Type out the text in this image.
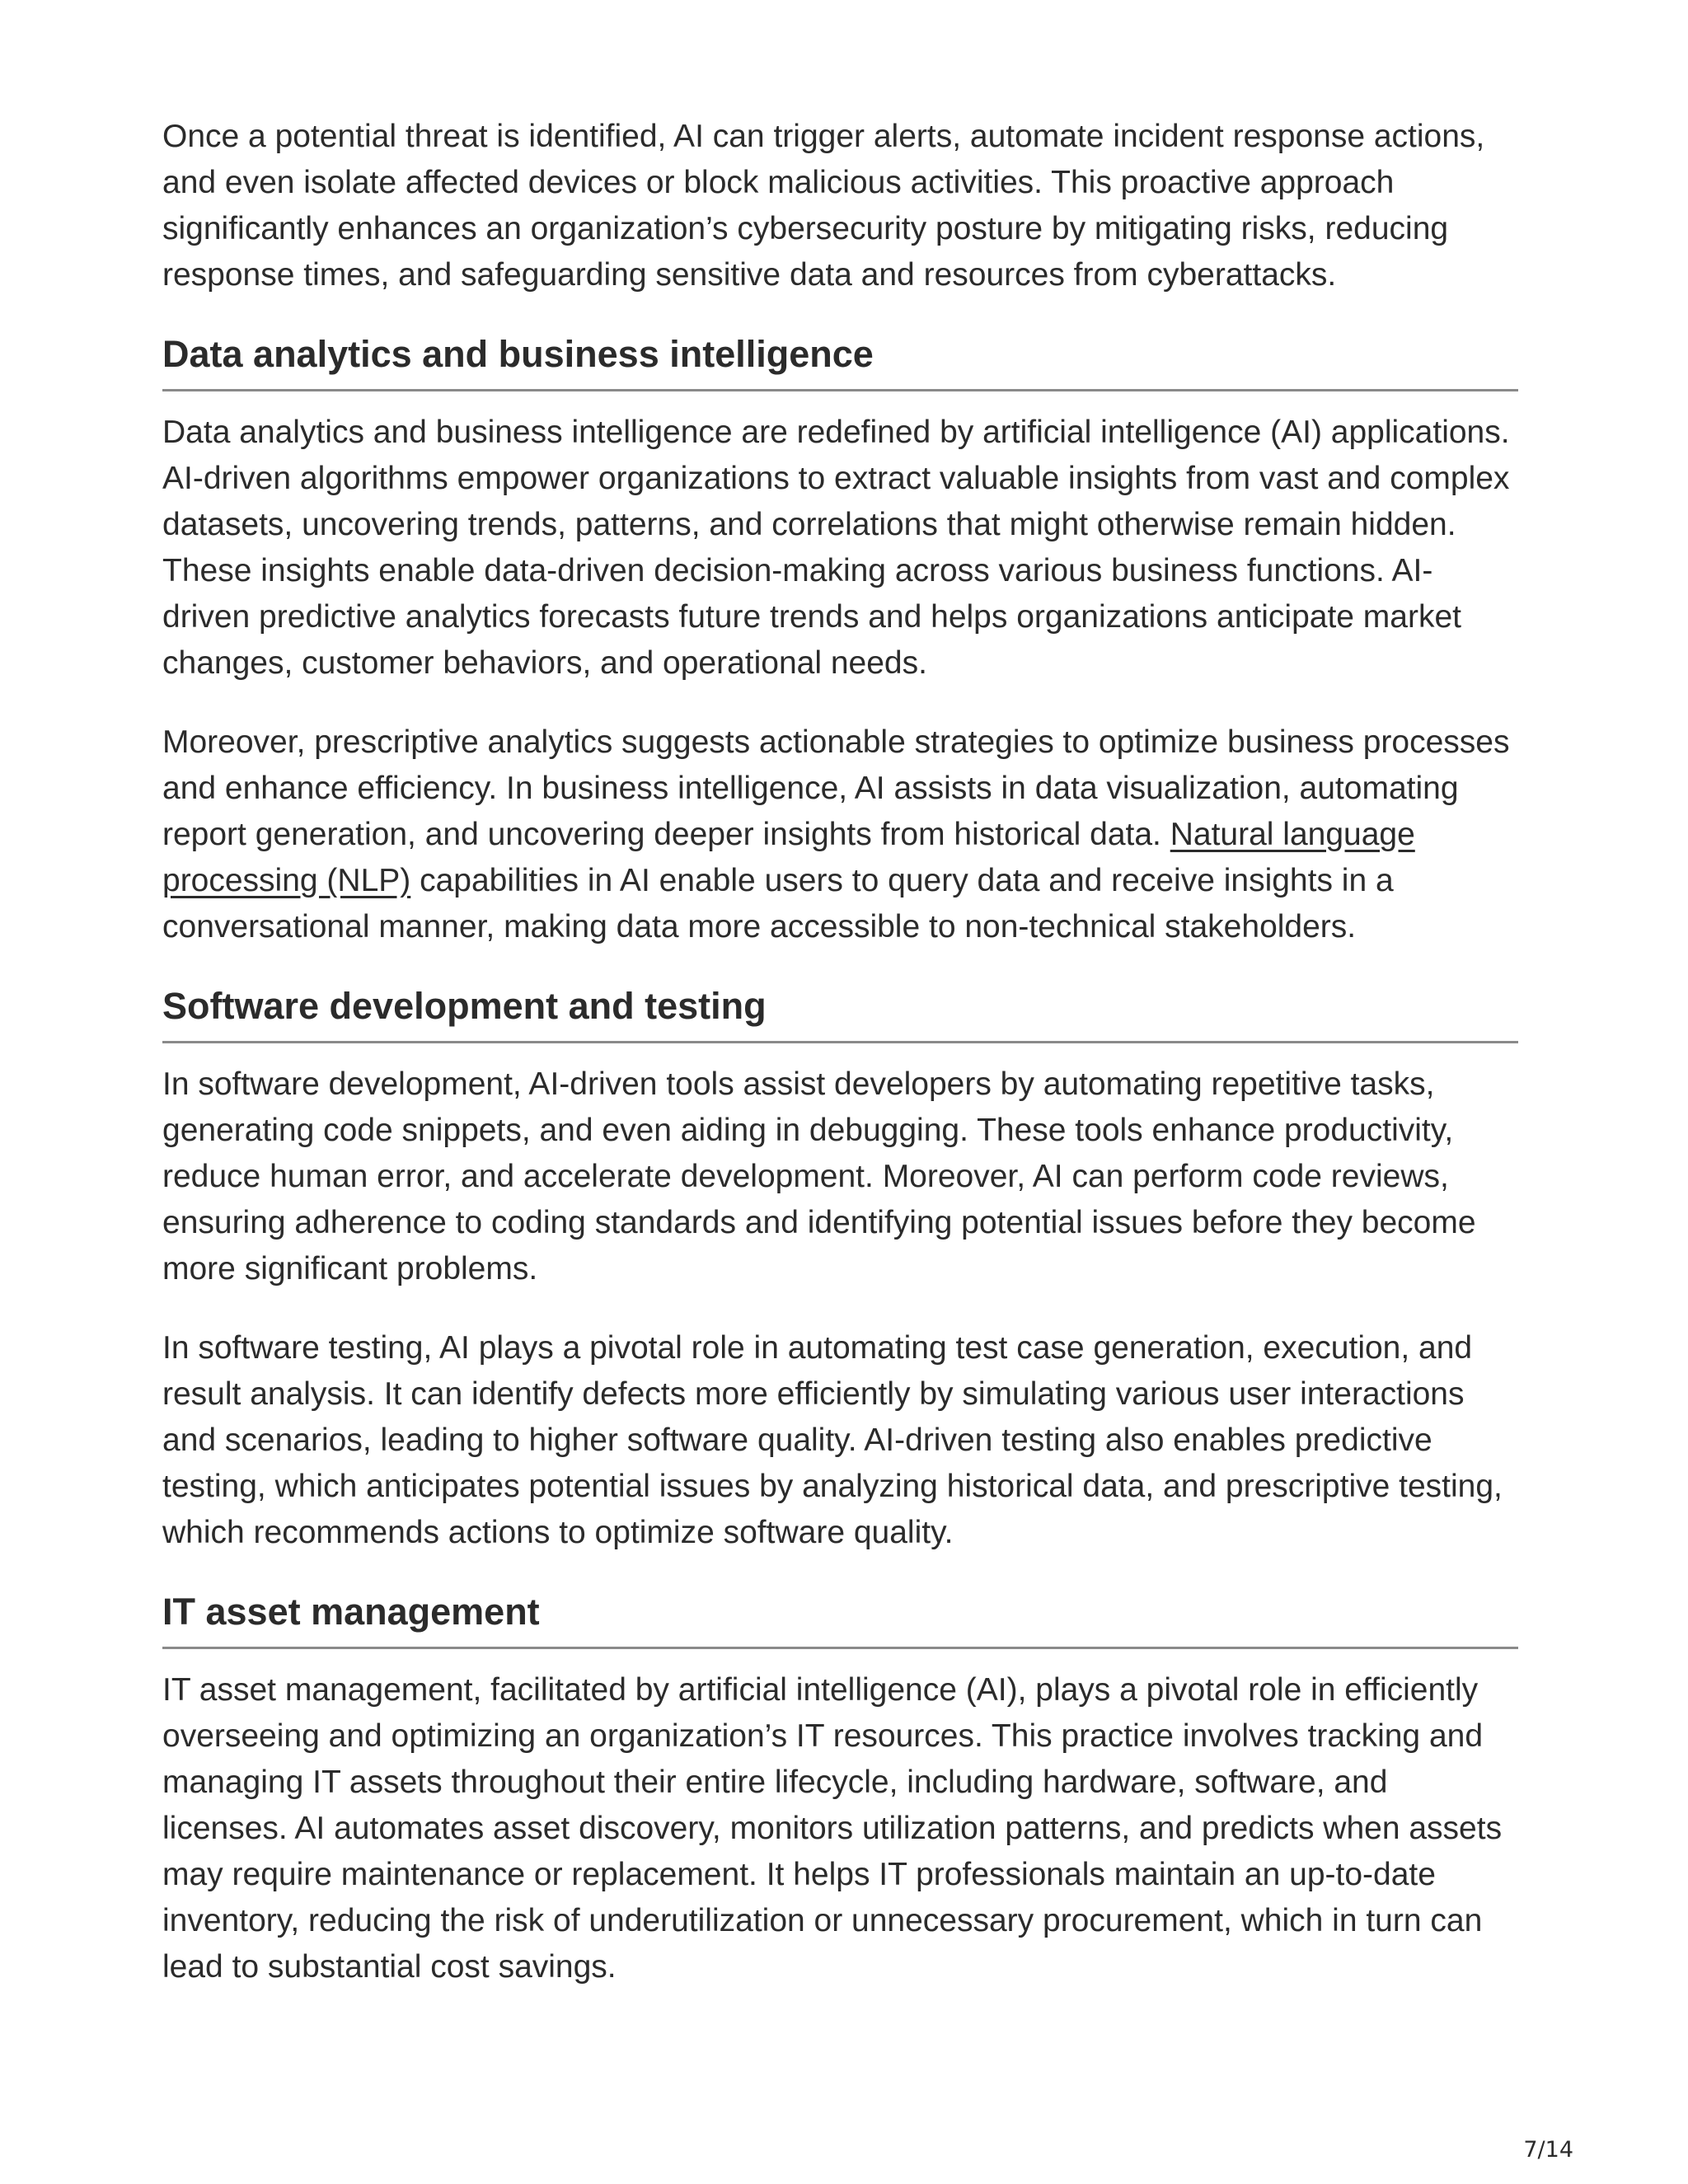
Once a potential threat is identified, AI can trigger alerts, automate incident response actions, and even isolate affected devices or block malicious activities. This proactive approach significantly enhances an organization’s cybersecurity posture by mitigating risks, reducing response times, and safeguarding sensitive data and resources from cyberattacks.

Data analytics and business intelligence

Data analytics and business intelligence are redefined by artificial intelligence (AI) applications. AI-driven algorithms empower organizations to extract valuable insights from vast and complex datasets, uncovering trends, patterns, and correlations that might otherwise remain hidden. These insights enable data-driven decision-making across various business functions. AI-driven predictive analytics forecasts future trends and helps organizations anticipate market changes, customer behaviors, and operational needs.

Moreover, prescriptive analytics suggests actionable strategies to optimize business processes and enhance efficiency. In business intelligence, AI assists in data visualization, automating report generation, and uncovering deeper insights from historical data. Natural language processing (NLP) capabilities in AI enable users to query data and receive insights in a conversational manner, making data more accessible to non-technical stakeholders.

Software development and testing

In software development, AI-driven tools assist developers by automating repetitive tasks, generating code snippets, and even aiding in debugging. These tools enhance productivity, reduce human error, and accelerate development. Moreover, AI can perform code reviews, ensuring adherence to coding standards and identifying potential issues before they become more significant problems.

In software testing, AI plays a pivotal role in automating test case generation, execution, and result analysis. It can identify defects more efficiently by simulating various user interactions and scenarios, leading to higher software quality. AI-driven testing also enables predictive testing, which anticipates potential issues by analyzing historical data, and prescriptive testing, which recommends actions to optimize software quality.

IT asset management

IT asset management, facilitated by artificial intelligence (AI), plays a pivotal role in efficiently overseeing and optimizing an organization’s IT resources. This practice involves tracking and managing IT assets throughout their entire lifecycle, including hardware, software, and licenses. AI automates asset discovery, monitors utilization patterns, and predicts when assets may require maintenance or replacement. It helps IT professionals maintain an up-to-date inventory, reducing the risk of underutilization or unnecessary procurement, which in turn can lead to substantial cost savings.

7/14
